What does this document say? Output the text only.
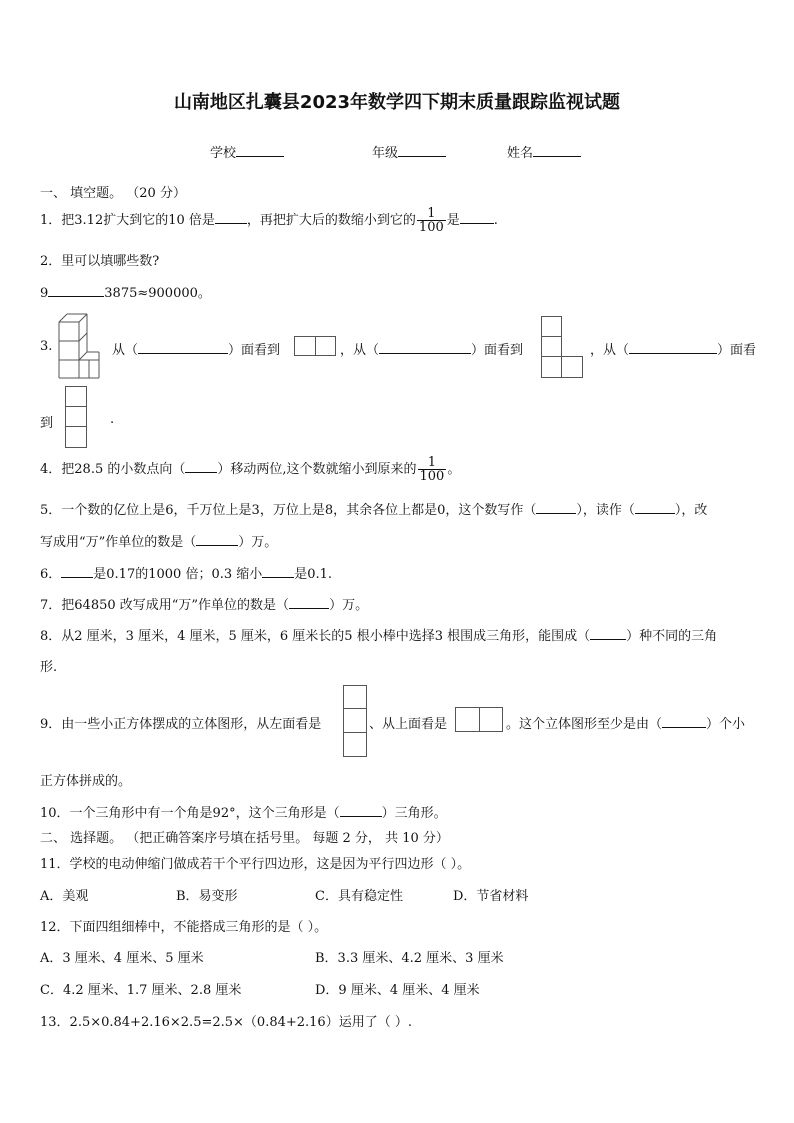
山南地区扎囊县2023年数学四下期末质量跟踪监视试题
学校	年级	姓名
一、 填空题。 （20 分）
1．把3.12扩大到它的10 倍是 ，再把扩大后的数缩小到它的 $\frac{1}{100}$ 是	.
2．里可以填哪些数?
9	3875≈900000。
3.	从（	）面看到	，从（	）面看到	，从（	）面看
到	.
4．把28.5 的小数点向（ ）移动两位,这个数就缩小到原来的 $\frac{1}{100}$ 。
5．一个数的亿位上是6，千万位上是3，万位上是8，其余各位上都是0，这个数写作（	），读作（	），改
写成用“万”作单位的数是（	）万。
6． 是0.17的1000 倍；0.3 缩小 是0.1.
7．把64850 改写成用“万”作单位的数是（	）万。
8．从2 厘米，3 厘米，4 厘米，5 厘米，6 厘米长的5 根小棒中选择3 根围成三角形，能围成（	）种不同的三角
形.
9．由一些小正方体摆成的立体图形，从左面看是	、从上面看是	。这个立体图形至少是由（	）个小
正方体拼成的。
10．一个三角形中有一个角是92°，这个三角形是（	）三角形。
二、 选择题。 （把正确答案序号填在括号里。 每题 2 分， 共 10 分）
11．学校的电动伸缩门做成若干个平行四边形，这是因为平行四边形（ ）。
A．美观	B．易变形	C．具有稳定性	D．节省材料
12．下面四组细棒中，不能搭成三角形的是（ ）。
A．3 厘米、4 厘米、5 厘米	B．3.3 厘米、4.2 厘米、3 厘米
C．4.2 厘米、1.7 厘米、2.8 厘米	D．9 厘米、4 厘米、4 厘米
13．2.5×0.84+2.16×2.5=2.5×（0.84+2.16）运用了（ ）.
